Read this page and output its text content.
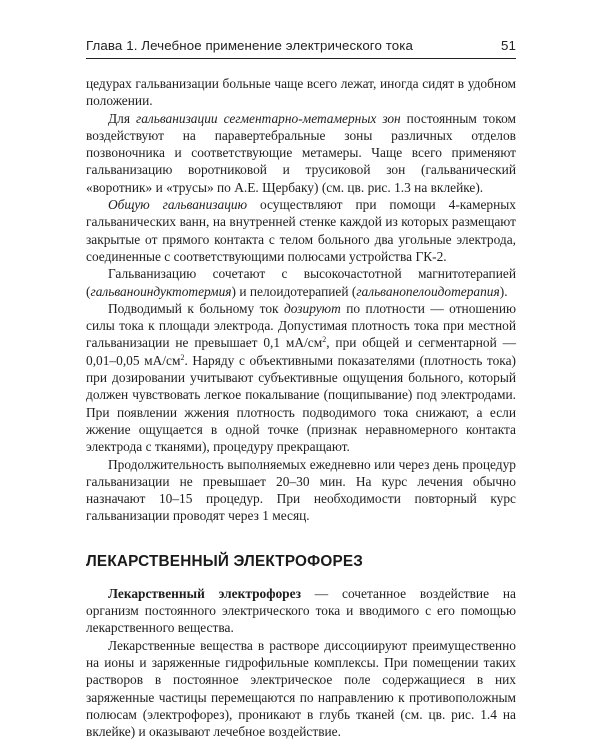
Глава 1. Лечебное применение электрического тока	51

цедурах гальванизации больные чаще всего лежат, иногда сидят в удобном положении.

Для гальванизации сегментарно-метамерных зон постоянным током воздействуют на паравертебральные зоны различных отделов позвоночника и соответствующие метамеры. Чаще всего применяют гальванизацию воротниковой и трусиковой зон (гальванический «воротник» и «трусы» по А.Е. Щербаку) (см. цв. рис. 1.3 на вклейке).

Общую гальванизацию осуществляют при помощи 4-камерных гальванических ванн, на внутренней стенке каждой из которых размещают закрытые от прямого контакта с телом больного два угольные электрода, соединенные с соответствующими полюсами устройства ГК-2.

Гальванизацию сочетают с высокочастотной магнитотерапией (гальваноиндуктотермия) и пелоидотерапией (гальванопелоидотерапия).

Подводимый к больному ток дозируют по плотности — отношению силы тока к площади электрода. Допустимая плотность тока при местной гальванизации не превышает 0,1 $мА/см^2$, при общей и сегментарной — 0,01–0,05 $мА/см^2$. Наряду с объективными показателями (плотность тока) при дозировании учитывают субъективные ощущения больного, который должен чувствовать легкое покалывание (пощипывание) под электродами. При появлении жжения плотность подводимого тока снижают, а если жжение ощущается в одной точке (признак неравномерного контакта электрода с тканями), процедуру прекращают.

Продолжительность выполняемых ежедневно или через день процедур гальванизации не превышает 20–30 мин. На курс лечения обычно назначают 10–15 процедур. При необходимости повторный курс гальванизации проводят через 1 месяц.

ЛЕКАРСТВЕННЫЙ ЭЛЕКТРОФОРЕЗ

Лекарственный электрофорез — сочетанное воздействие на организм постоянного электрического тока и вводимого с его помощью лекарственного вещества.

Лекарственные вещества в растворе диссоциируют преимущественно на ионы и заряженные гидрофильные комплексы. При помещении таких растворов в постоянное электрическое поле содержащиеся в них заряженные частицы перемещаются по направлению к противоположным полюсам (электрофорез), проникают в глубь тканей (см. цв. рис. 1.4 на вклейке) и оказывают лечебное воздействие.
